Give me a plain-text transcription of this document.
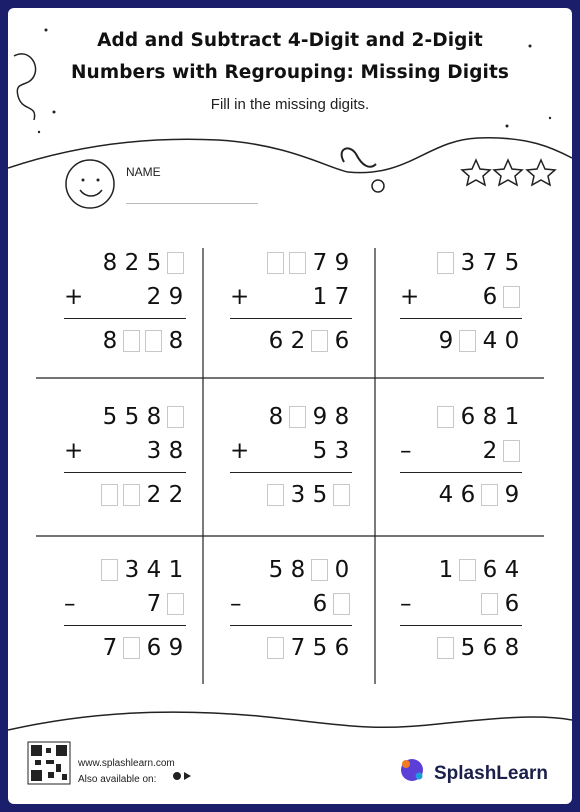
Add and Subtract 4-Digit and 2-Digit
Numbers with Regrouping: Missing Digits
Fill in the missing digits.
NAME
8 2 5
2 9
+
8 8
7 9
1 7
+
6 2 6
3 7 5
6
+
9 4 0
5 5 8
3 8
+
2 2
8 9 8
5 3
+
3 5
6 8 1
2
–
4 6 9
3 4 1
7
–
7 6 9
5 8 0
6
–
7 5 6
1 6 4
6
–
5 6 8
www.splashlearn.com
Also available on:	SplashLearn
